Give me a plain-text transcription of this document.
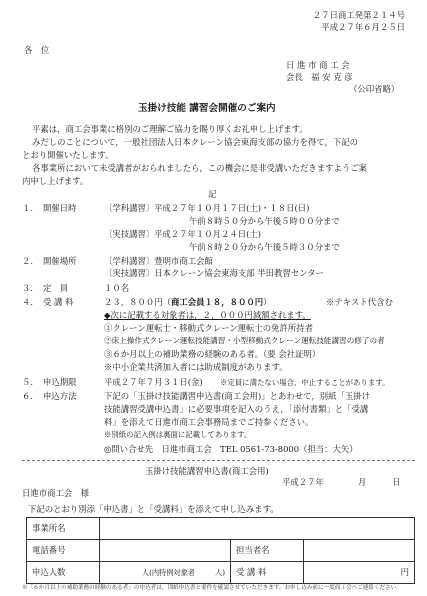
２７日商工発第２１４号
平成２７年６月２５日
各　位
日 進 市 商 工 会
会長　福 安 克 彦
（公印省略）
玉掛け技能 講習会開催のご案内
平素は，商工会事業に格別のご理解ご協力を賜り厚くお礼申し上げます。
みだしのことについて，一般社団法人日本クレーン協会東海支部の協力を得て，下記の
とおり開催いたします。
各事業所において未受講者がおられましたら，この機会に是非受講いただきますようご案
内申し上げます。
記
１． 開催日時	〔学科講習〕 平成２７年１０月１７日(土)・１８日(日)
午前８時５０分から午後５時００分まで
〔実技講習〕 平成２７年１０月２４日(土)
午前８時２０分から午後５時３０分まで
２． 開催場所	〔学科講習〕豊明市商工会館
〔実技講習〕日本クレーン協会東海支部 半田教習センター
３． 定　員	１０名
４． 受 講 料	２３，８００円（商工会員１８，８００円）	※テキスト代含む
◆次に記載する対象者は，２，０００円減額されます。
①クレーン運転士・移動式クレーン運転士の免許所持者
②床上操作式クレーン運転技能講習・小型移動式クレーン運転技能講習の修了の者
③６か月以上の補助業務の経験のある者。（要 会社証明）
※中小企業共済加入者には助成制度があります。
５． 申込期限	平成２７年７月３１日(金) ※定員に満たない場合、中止することがあります。
６． 申込方法	下記の「玉掛け技能講習申込書(商工会用)」とあわせて，別紙「玉掛け
技能講習受講申込書」に必要事項を記入のうえ，「添付書類」と「受講
料」を添えて日進市商工会事務局までご持参ください。
※別紙の記入例は裏面に記載してあります。
◎問い合せ先　日進市商工会　TEL 0561-73-8000（担当：大矢）
玉掛け技能講習申込書(商工会用)
平成２７年	月	日
日進市商工会　様
下記のとおり別添「申込書」と「受講料」を添えて申し込みます。
事業所名			
電話番号		担当者名	
申込人数	人(内特例対象者 人)	受 講 料	円
※「６か月以上の補助業務の経験のある者」の申込者は，別紙申込書と要件を確認させていただきます。お申し込み前に一度商工会へご連絡ください。
